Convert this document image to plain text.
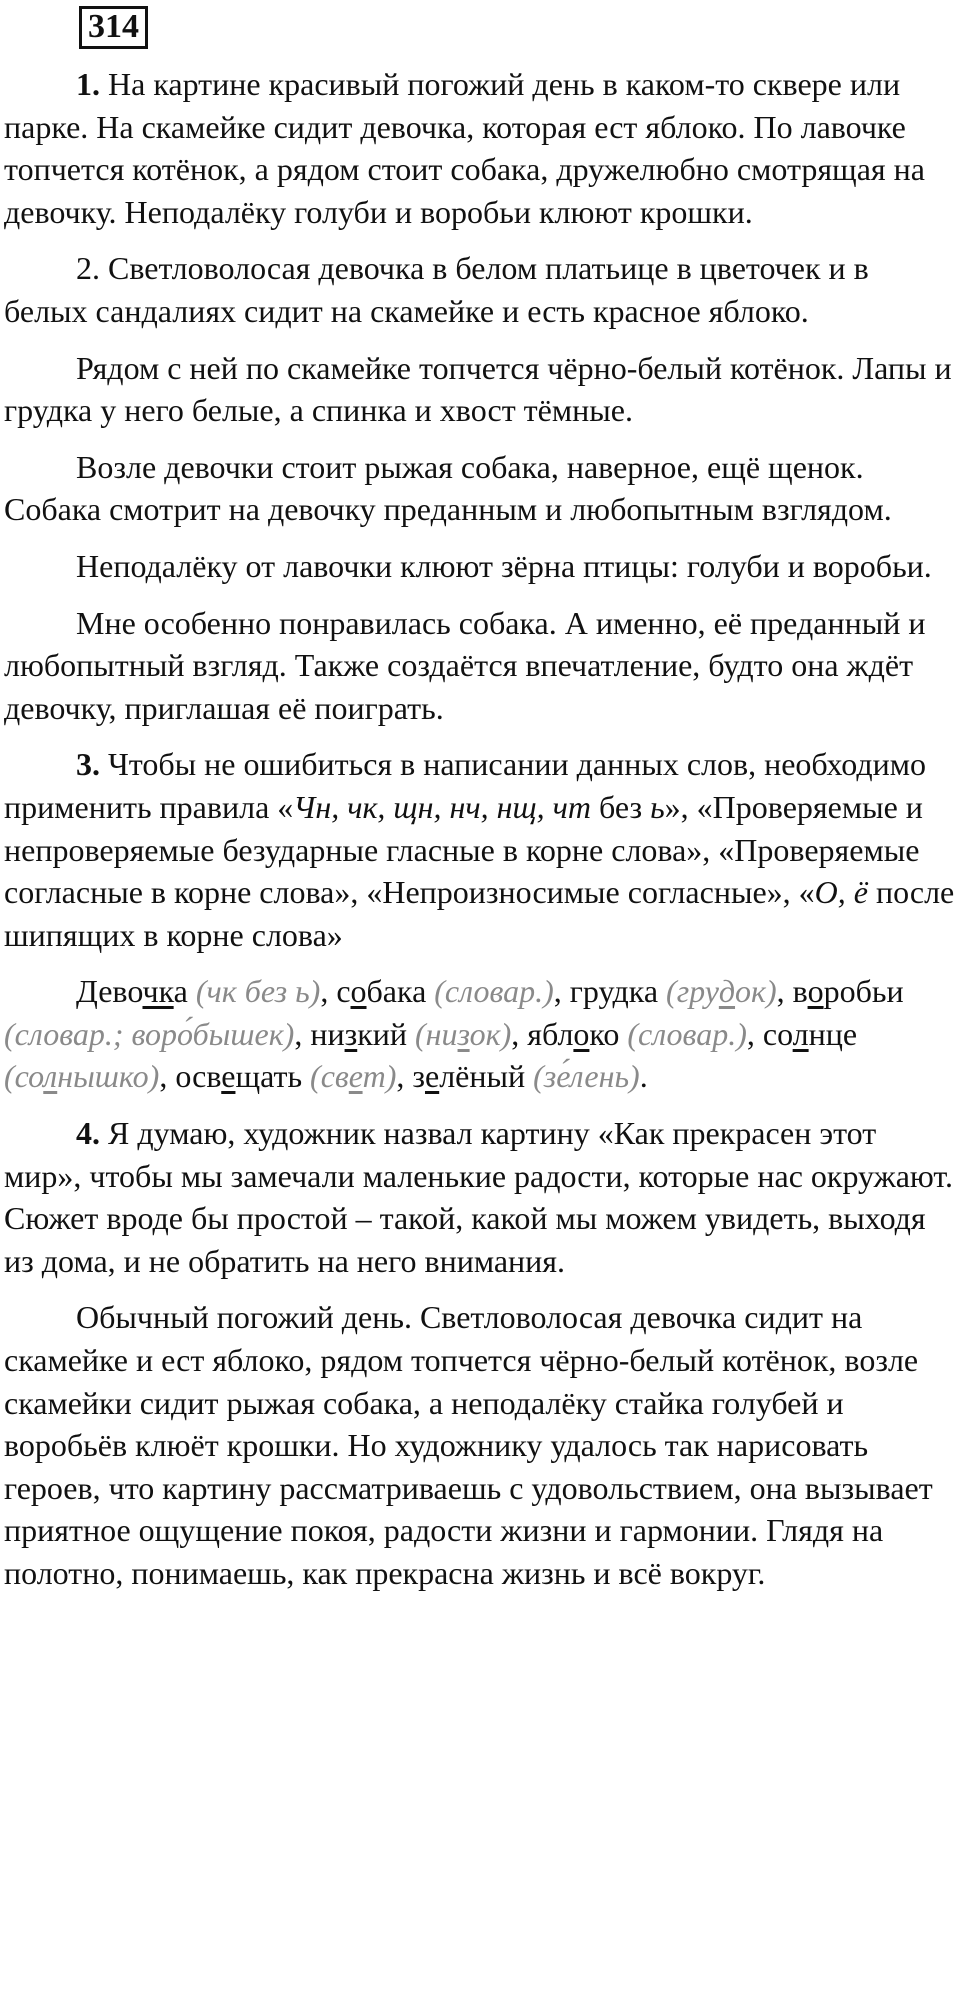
314

1. На картине красивый погожий день в каком-то сквере или парке. На скамейке сидит девочка, которая ест яблоко. По лавочке топчется котёнок, а рядом стоит собака, дружелюбно смотрящая на девочку. Неподалёку голуби и воробьи клюют крошки.

2. Светловолосая девочка в белом платьице в цветочек и в белых сандалиях сидит на скамейке и есть красное яблоко.

Рядом с ней по скамейке топчется чёрно-белый котёнок. Лапы и грудка у него белые, а спинка и хвост тёмные.

Возле девочки стоит рыжая собака, наверное, ещё щенок. Собака смотрит на девочку преданным и любопытным взглядом.

Неподалёку от лавочки клюют зёрна птицы: голуби и воробьи.

Мне особенно понравилась собака. А именно, её преданный и любопытный взгляд. Также создаётся впечатление, будто она ждёт девочку, приглашая её поиграть.

3. Чтобы не ошибиться в написании данных слов, необходимо применить правила «Чн, чк, щн, нч, нщ, чт без ь», «Проверяемые и непроверяемые безударные гласные в корне слова», «Проверяемые согласные в корне слова», «Непроизносимые согласные», «О, ё после шипящих в корне слова»

Девочка (чк без ь), собака (словар.), грудка (грудок), воробьи (словар.; воро́бышек), низкий (низок), яблоко (словар.), солнце (солнышко), освещать (свет), зелёный (зе́лень).

4. Я думаю, художник назвал картину «Как прекрасен этот мир», чтобы мы замечали маленькие радости, которые нас окружают. Сюжет вроде бы простой – такой, какой мы можем увидеть, выходя из дома, и не обратить на него внимания.

Обычный погожий день. Светловолосая девочка сидит на скамейке и ест яблоко, рядом топчется чёрно-белый котёнок, возле скамейки сидит рыжая собака, а неподалёку стайка голубей и воробьёв клюёт крошки. Но художнику удалось так нарисовать героев, что картину рассматриваешь с удовольствием, она вызывает приятное ощущение покоя, радости жизни и гармонии. Глядя на полотно, понимаешь, как прекрасна жизнь и всё вокруг.
